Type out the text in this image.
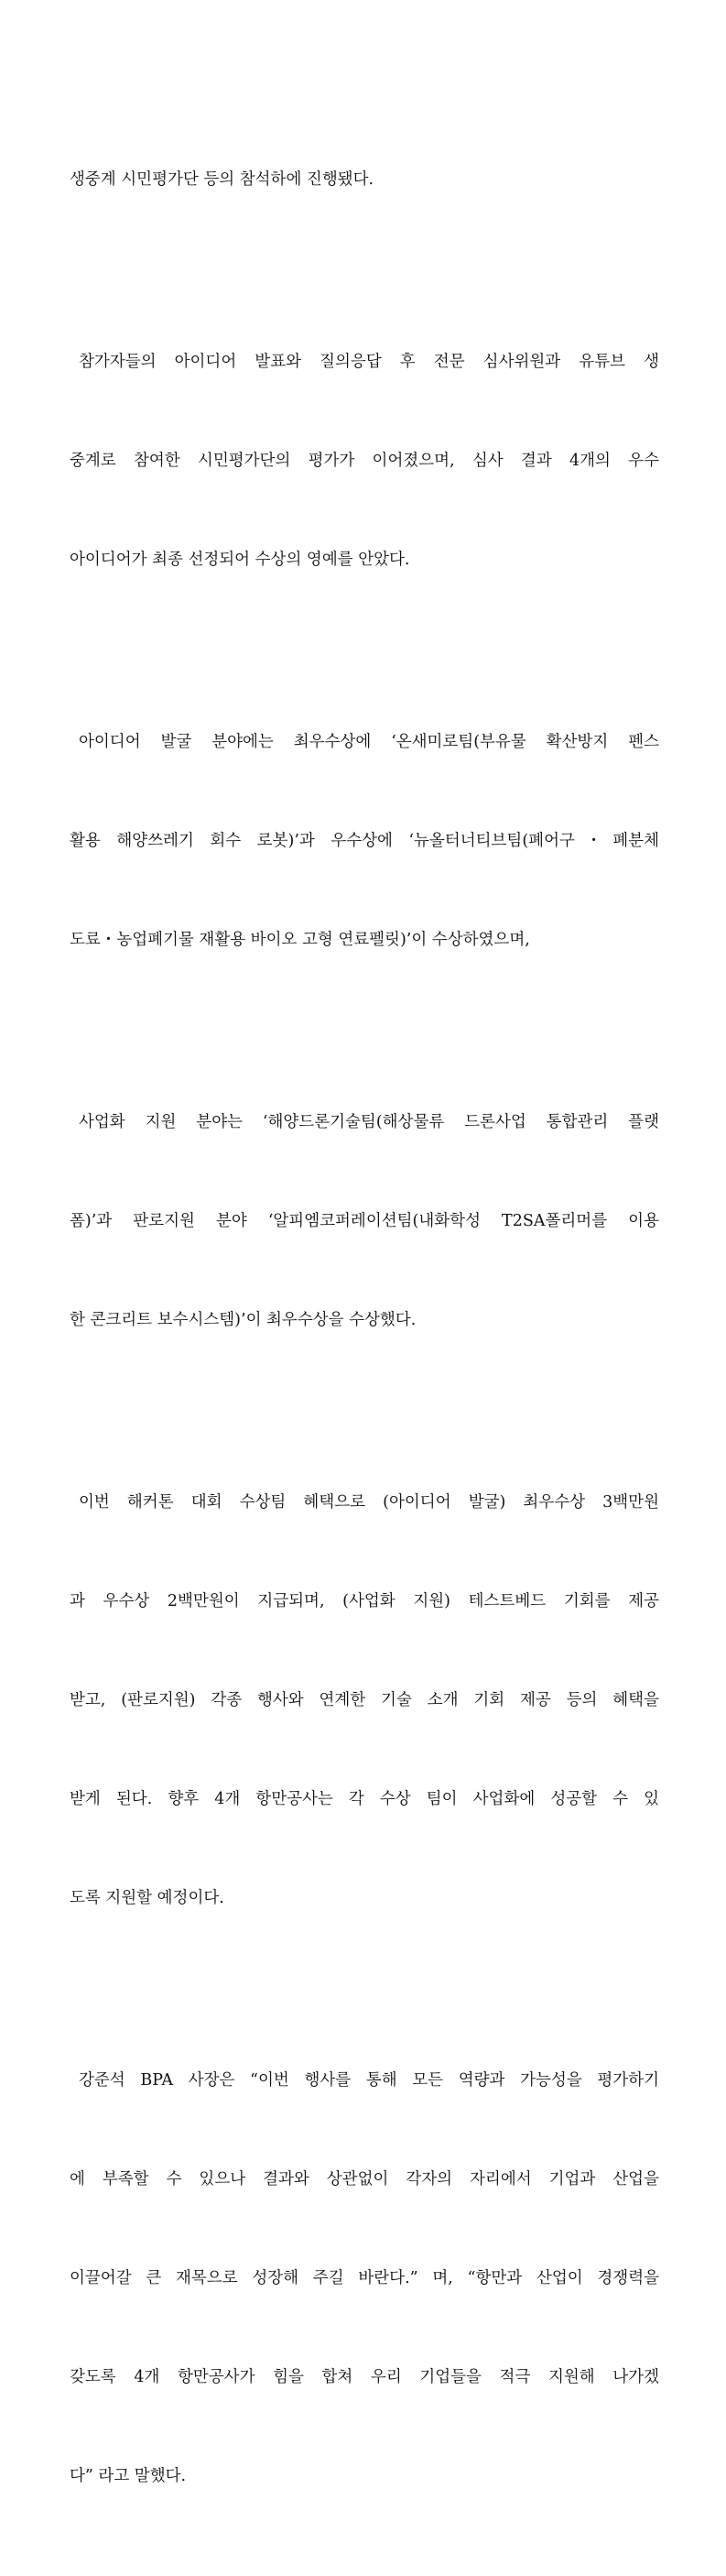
생중계 시민평가단 등의 참석하에 진행됐다.

참가자들의 아이디어 발표와 질의응답 후 전문 심사위원과 유튜브 생

중계로 참여한 시민평가단의 평가가 이어졌으며, 심사 결과 4개의 우수

아이디어가 최종 선정되어 수상의 영예를 안았다.

아이디어 발굴 분야에는 최우수상에 ‘온새미로팀(부유물 확산방지 펜스

활용 해양쓰레기 회수 로봇)’과 우수상에 ‘뉴올터너티브팀(폐어구・폐분체

도료・농업폐기물 재활용 바이오 고형 연료펠릿)’이 수상하였으며,

사업화 지원 분야는 ‘해양드론기술팀(해상물류 드론사업 통합관리 플랫

폼)’과 판로지원 분야 ‘알피엠코퍼레이션팀(내화학성 T2SA폴리머를 이용

한 콘크리트 보수시스템)’이 최우수상을 수상했다.

이번 해커톤 대회 수상팀 혜택으로 (아이디어 발굴) 최우수상 3백만원

과 우수상 2백만원이 지급되며, (사업화 지원) 테스트베드 기회를 제공

받고, (판로지원) 각종 행사와 연계한 기술 소개 기회 제공 등의 혜택을

받게 된다. 향후 4개 항만공사는 각 수상 팀이 사업화에 성공할 수 있

도록 지원할 예정이다.

강준석 BPA 사장은 “이번 행사를 통해 모든 역량과 가능성을 평가하기

에 부족할 수 있으나 결과와 상관없이 각자의 자리에서 기업과 산업을

이끌어갈 큰 재목으로 성장해 주길 바란다.” 며, “항만과 산업이 경쟁력을

갖도록 4개 항만공사가 힘을 합쳐 우리 기업들을 적극 지원해 나가겠

다” 라고 말했다.
